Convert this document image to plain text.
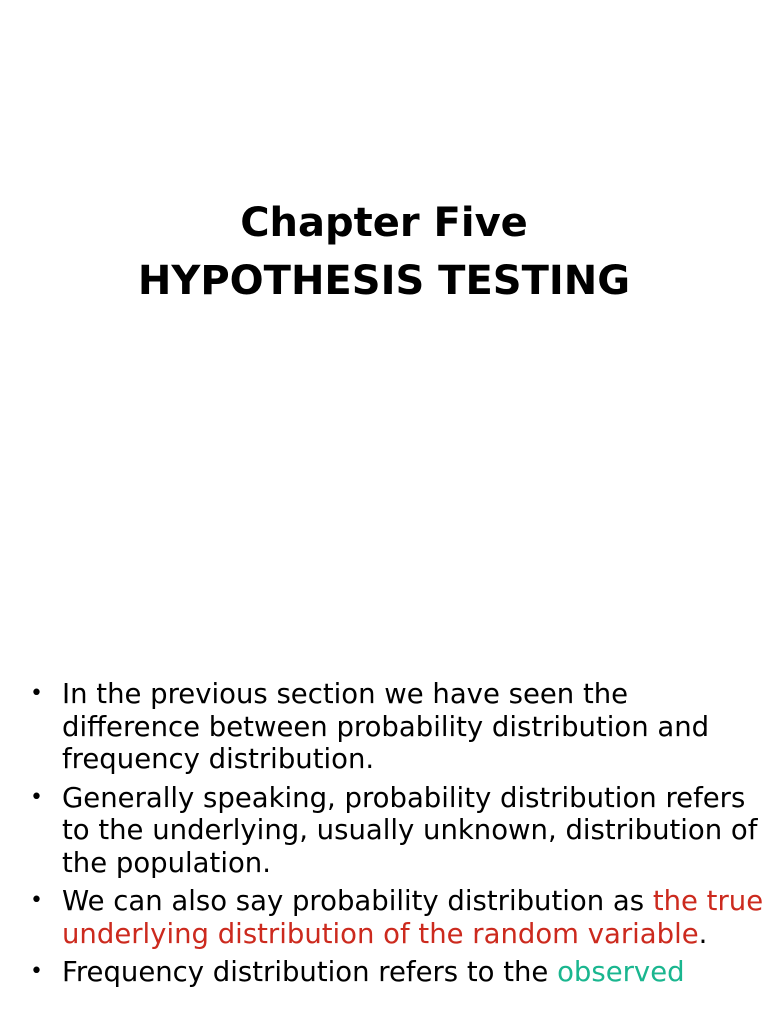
Chapter Five
HYPOTHESIS TESTING
• In the previous section we have seen the difference between probability distribution and frequency distribution.
• Generally speaking, probability distribution refers to the underlying, usually unknown, distribution of the population.
• We can also say probability distribution as the true underlying distribution of the random variable.
• Frequency distribution refers to the observed
